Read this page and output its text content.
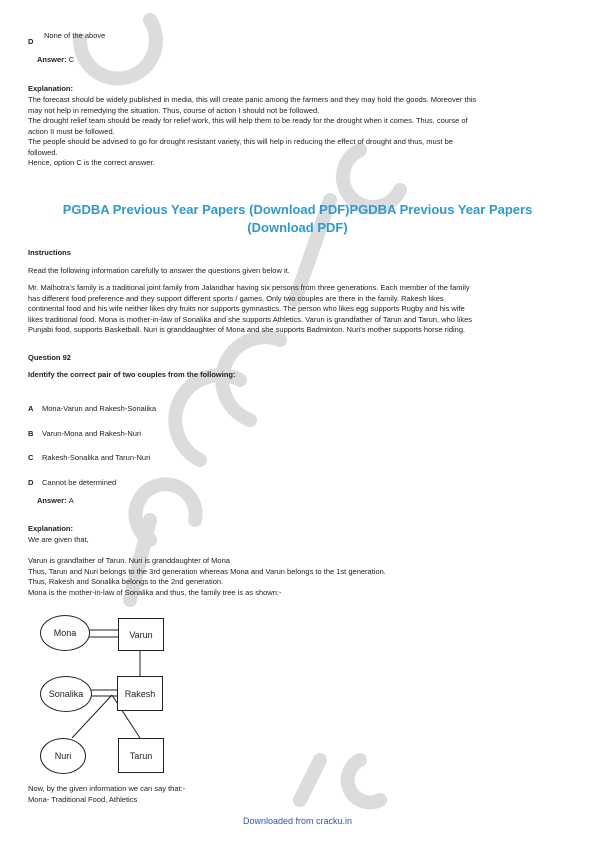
D
None of the above
Answer: C
Explanation:
The forecast should be widely published in media, this will create panic among the farmers and they may hold the goods. Moreover this
may not help in remedying the situation. Thus, course of action I should not be followed.
The drought relief team should be ready for relief work, this will help them to be ready for the drought when it comes. Thus, course of
action II must be followed.
The people should be advised to go for drought resistant variety, this will help in reducing the effect of drought and thus, must be
followed.
Hence, option C is the correct answer.
PGDBA Previous Year Papers (Download PDF)PGDBA Previous Year Papers
(Download PDF)
Instructions
Read the following information carefully to answer the questions given below it.
Mr. Malhotra's family is a traditional joint family from Jalandhar having six persons from three generations. Each member of the family
has different food preference and they support different sports / games. Only two couples are there in the family. Rakesh likes
continental food and his wife neither likes dry fruits nor supports gymnastics. The person who likes egg supports Rugby and his wife
likes traditional food. Mona is mother-in-law of Sonalika and she supports Athletics. Varun is grandfather of Tarun and Tarun, who likes
Punjabi food, supports Basketball. Nuri is granddaughter of Mona and she supports Badminton. Nuri's mother supports horse riding.
Question 92
Identify the correct pair of two couples from the following:
A Mona-Varun and Rakesh-Sonalika
B Varun-Mona and Rakesh-Nuri
C Rakesh-Sonalika and Tarun-Nuri
D Cannot be determined
Answer: A
Explanation:
We are given that,
Varun is grandfather of Tarun. Nuri is granddaughter of Mona
Thus, Tarun and Nuri belongs to the 3rd generation whereas Mona and Varun belongs to the 1st generation.
Thus, Rakesh and Sonalika belongs to the 2nd generation.
Mona is the mother-in-law of Sonalika and thus, the family tree is as shown:-
Mona	Varun
Sonalika	Rakesh
Nuri	Tarun
Now, by the given information we can say that:-
Mona- Traditional Food, Athletics
Downloaded from cracku.in
